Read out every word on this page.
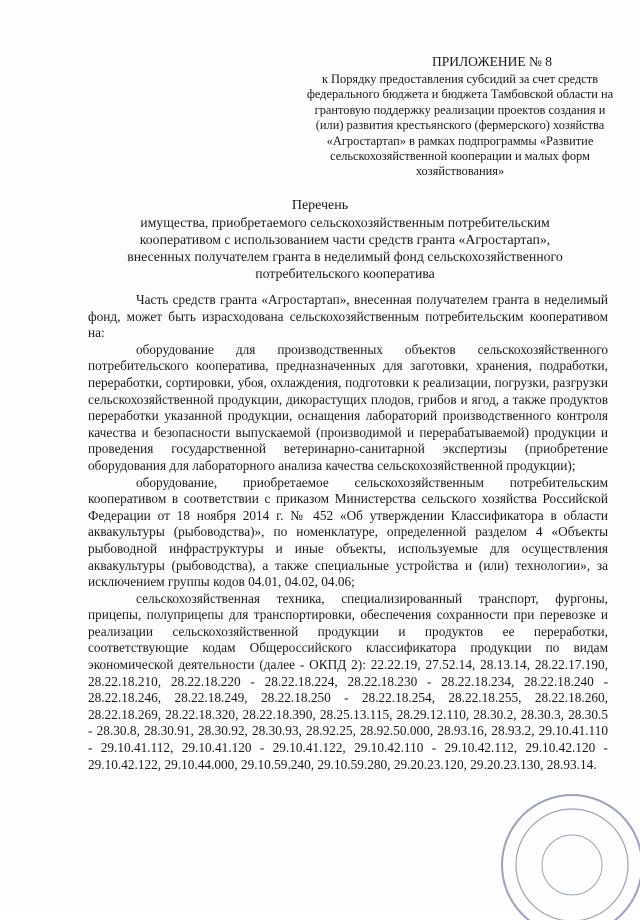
ПРИЛОЖЕНИЕ № 8
к Порядку предоставления субсидий за счет средств федерального бюджета и бюджета Тамбовской области на грантовую поддержку реализации проектов создания и (или) развития крестьянского (фермерского) хозяйства «Агростартап» в рамках подпрограммы «Развитие сельскохозяйственной кооперации и малых форм хозяйствования»
Перечень
имущества, приобретаемого сельскохозяйственным потребительским кооперативом с использованием части средств гранта «Агростартап», внесенных получателем гранта в неделимый фонд сельскохозяйственного потребительского кооператива

Часть средств гранта «Агростартап», внесенная получателем гранта в неделимый фонд, может быть израсходована сельскохозяйственным потребительским кооперативом на:

оборудование для производственных объектов сельскохозяйственного потребительского кооператива, предназначенных для заготовки, хранения, подработки, переработки, сортировки, убоя, охлаждения, подготовки к реализации, погрузки, разгрузки сельскохозяйственной продукции, дикорастущих плодов, грибов и ягод, а также продуктов переработки указанной продукции, оснащения лабораторий производственного контроля качества и безопасности выпускаемой (производимой и перерабатываемой) продукции и проведения государственной ветеринарно-санитарной экспертизы (приобретение оборудования для лабораторного анализа качества сельскохозяйственной продукции);

оборудование, приобретаемое сельскохозяйственным потребительским кооперативом в соответствии с приказом Министерства сельского хозяйства Российской Федерации от 18 ноября 2014 г. № 452 «Об утверждении Классификатора в области аквакультуры (рыбоводства)», по номенклатуре, определенной разделом 4 «Объекты рыбоводной инфраструктуры и иные объекты, используемые для осуществления аквакультуры (рыбоводства), а также специальные устройства и (или) технологии», за исключением группы кодов 04.01, 04.02, 04.06;

сельскохозяйственная техника, специализированный транспорт, фургоны, прицепы, полуприцепы для транспортировки, обеспечения сохранности при перевозке и реализации сельскохозяйственной продукции и продуктов ее переработки, соответствующие кодам Общероссийского классификатора продукции по видам экономической деятельности (далее - ОКПД 2): 22.22.19, 27.52.14, 28.13.14, 28.22.17.190, 28.22.18.210, 28.22.18.220 - 28.22.18.224, 28.22.18.230 - 28.22.18.234, 28.22.18.240 - 28.22.18.246, 28.22.18.249, 28.22.18.250 - 28.22.18.254, 28.22.18.255, 28.22.18.260, 28.22.18.269, 28.22.18.320, 28.22.18.390, 28.25.13.115, 28.29.12.110, 28.30.2, 28.30.3, 28.30.5 - 28.30.8, 28.30.91, 28.30.92, 28.30.93, 28.92.25, 28.92.50.000, 28.93.16, 28.93.2, 29.10.41.110 - 29.10.41.112, 29.10.41.120 - 29.10.41.122, 29.10.42.110 - 29.10.42.112, 29.10.42.120 - 29.10.42.122, 29.10.44.000, 29.10.59.240, 29.10.59.280, 29.20.23.120, 29.20.23.130, 28.93.14.
